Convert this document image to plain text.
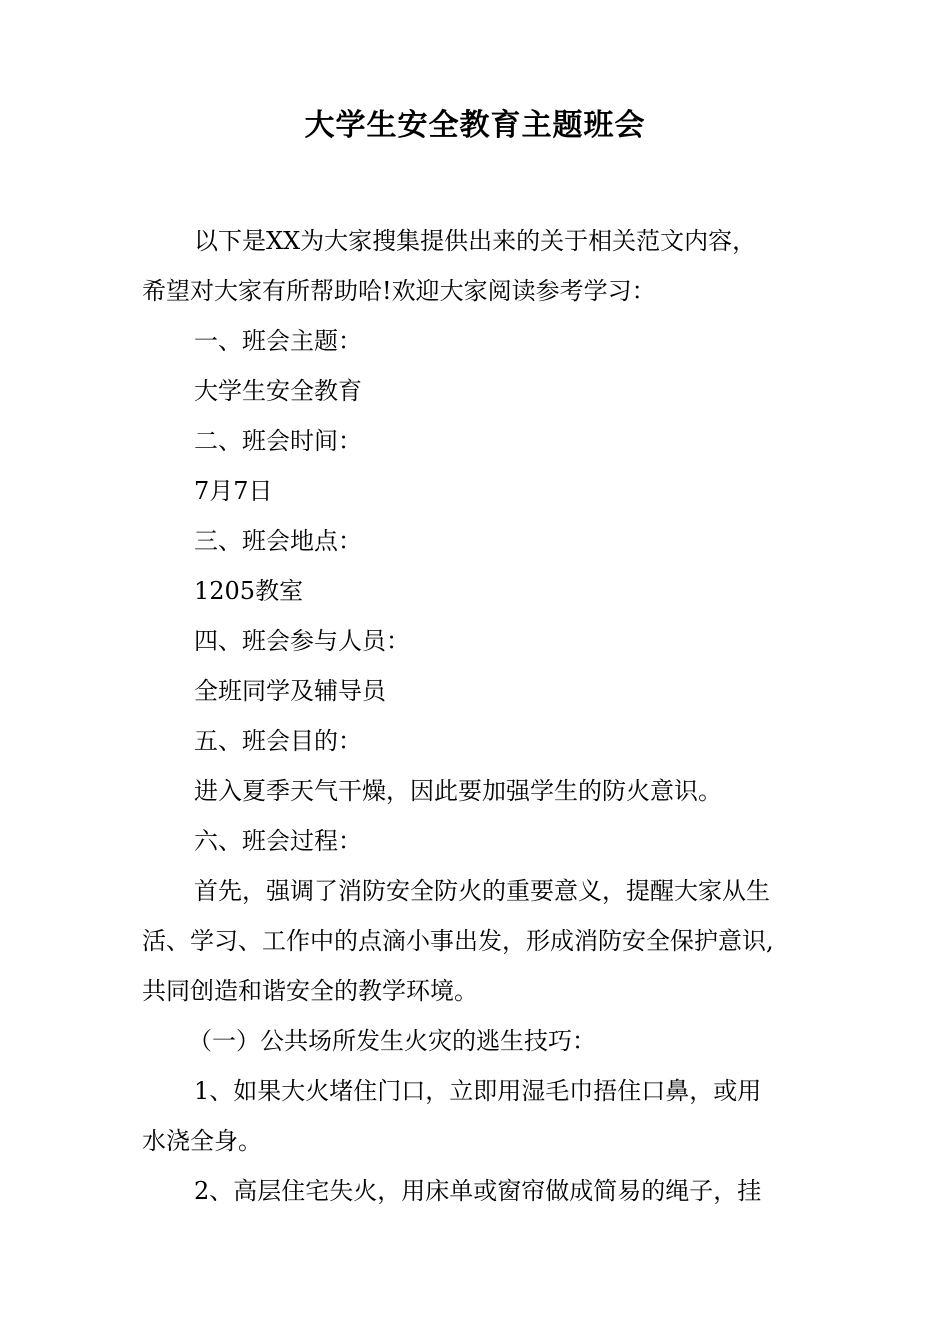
大学生安全教育主题班会

以下是XX为大家搜集提供出来的关于相关范文内容，

希望对大家有所帮助哈!欢迎大家阅读参考学习：

一、班会主题：

大学生安全教育

二、班会时间：

7月7日

三、班会地点：

1205教室

四、班会参与人员：

全班同学及辅导员

五、班会目的：

进入夏季天气干燥，因此要加强学生的防火意识。

六、班会过程：

首先，强调了消防安全防火的重要意义，提醒大家从生

活、学习、工作中的点滴小事出发，形成消防安全保护意识,

共同创造和谐安全的教学环境。

（一）公共场所发生火灾的逃生技巧：

1、如果大火堵住门口，立即用湿毛巾捂住口鼻，或用

水浇全身。

2、高层住宅失火，用床单或窗帘做成简易的绳子，挂
